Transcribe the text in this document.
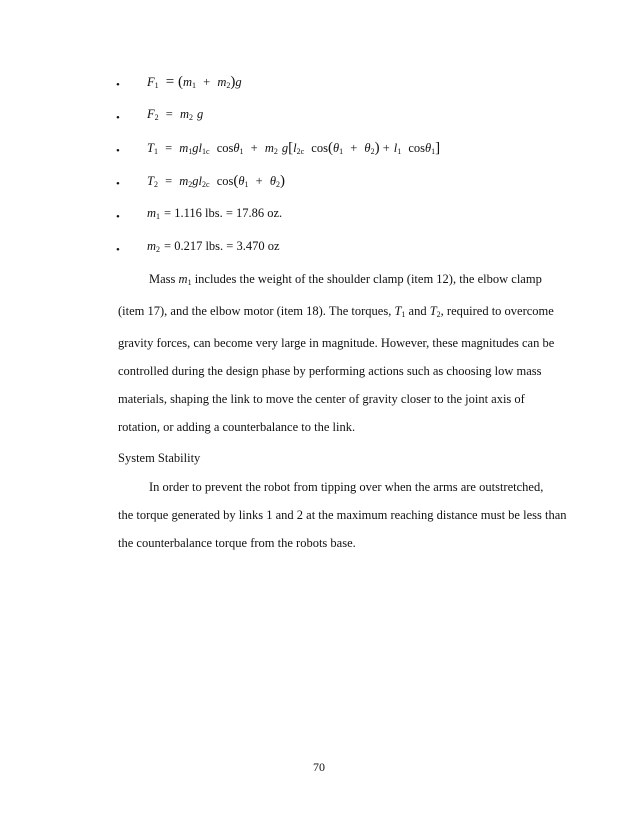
•	$F_1 = (m_1 + m_2)g$
•	$F_2 = m_2$ g
•	$T_1 = m_1gl_{1c}$ $\cos\theta_1 + m_2$ $g[l_{2c}$ $\cos(\theta_1 + \theta_2) + l_1$ cosθ$_1$]
•	$T_2 = m_2gl_{2c}$ $\cos(\theta_1 + \theta_2)$
•	$m_1 = 1.116$ lbs. = 17.86 oz.
•	$m_2 = 0.217$ lbs. = 3.470 oz
Mass $m_1$ includes the weight of the shoulder clamp (item 12), the elbow clamp
(item 17), and the elbow motor (item 18). The torques, $T_1$ and $T_2$, required to overcome
gravity forces, can become very large in magnitude. However, these magnitudes can be
controlled during the design phase by performing actions such as choosing low mass
materials, shaping the link to move the center of gravity closer to the joint axis of
rotation, or adding a counterbalance to the link.
System Stability
In order to prevent the robot from tipping over when the arms are outstretched,
the torque generated by links 1 and 2 at the maximum reaching distance must be less than
the counterbalance torque from the robots base.
70
